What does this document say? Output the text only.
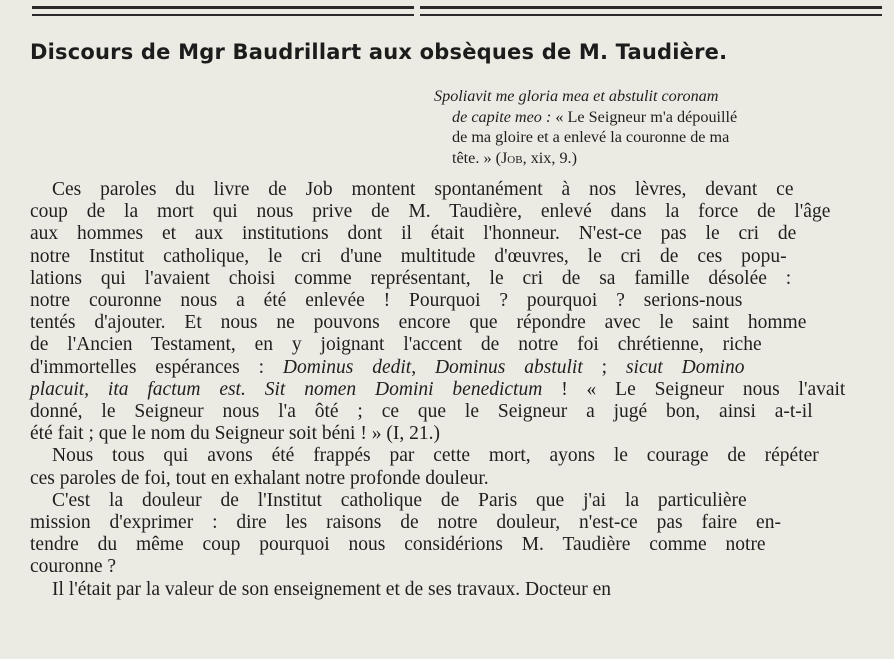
Discours de Mgr Baudrillart aux obsèques de M. Taudière.
Spoliavit me gloria mea et abstulit coronam
de capite meo : « Le Seigneur m'a dépouillé
de ma gloire et a enlevé la couronne de ma
tête. » (Job, xix, 9.)
Ces paroles du livre de Job montent spontanément à nos lèvres, devant ce
coup de la mort qui nous prive de M. Taudière, enlevé dans la force de l'âge
aux hommes et aux institutions dont il était l'honneur. N'est-ce pas le cri de
notre Institut catholique, le cri d'une multitude d'œuvres, le cri de ces popu-
lations qui l'avaient choisi comme représentant, le cri de sa famille désolée :
notre couronne nous a été enlevée ! Pourquoi ? pourquoi ? serions-nous
tentés d'ajouter. Et nous ne pouvons encore que répondre avec le saint homme
de l'Ancien Testament, en y joignant l'accent de notre foi chrétienne, riche
d'immortelles espérances : Dominus dedit, Dominus abstulit ; sicut Domino
placuit, ita factum est. Sit nomen Domini benedictum ! « Le Seigneur nous l'avait
donné, le Seigneur nous l'a ôté ; ce que le Seigneur a jugé bon, ainsi a-t-il
été fait ; que le nom du Seigneur soit béni ! » (I, 21.)
Nous tous qui avons été frappés par cette mort, ayons le courage de répéter
ces paroles de foi, tout en exhalant notre profonde douleur.
C'est la douleur de l'Institut catholique de Paris que j'ai la particulière
mission d'exprimer : dire les raisons de notre douleur, n'est-ce pas faire en-
tendre du même coup pourquoi nous considérions M. Taudière comme notre
couronne ?
Il l'était par la valeur de son enseignement et de ses travaux. Docteur en
